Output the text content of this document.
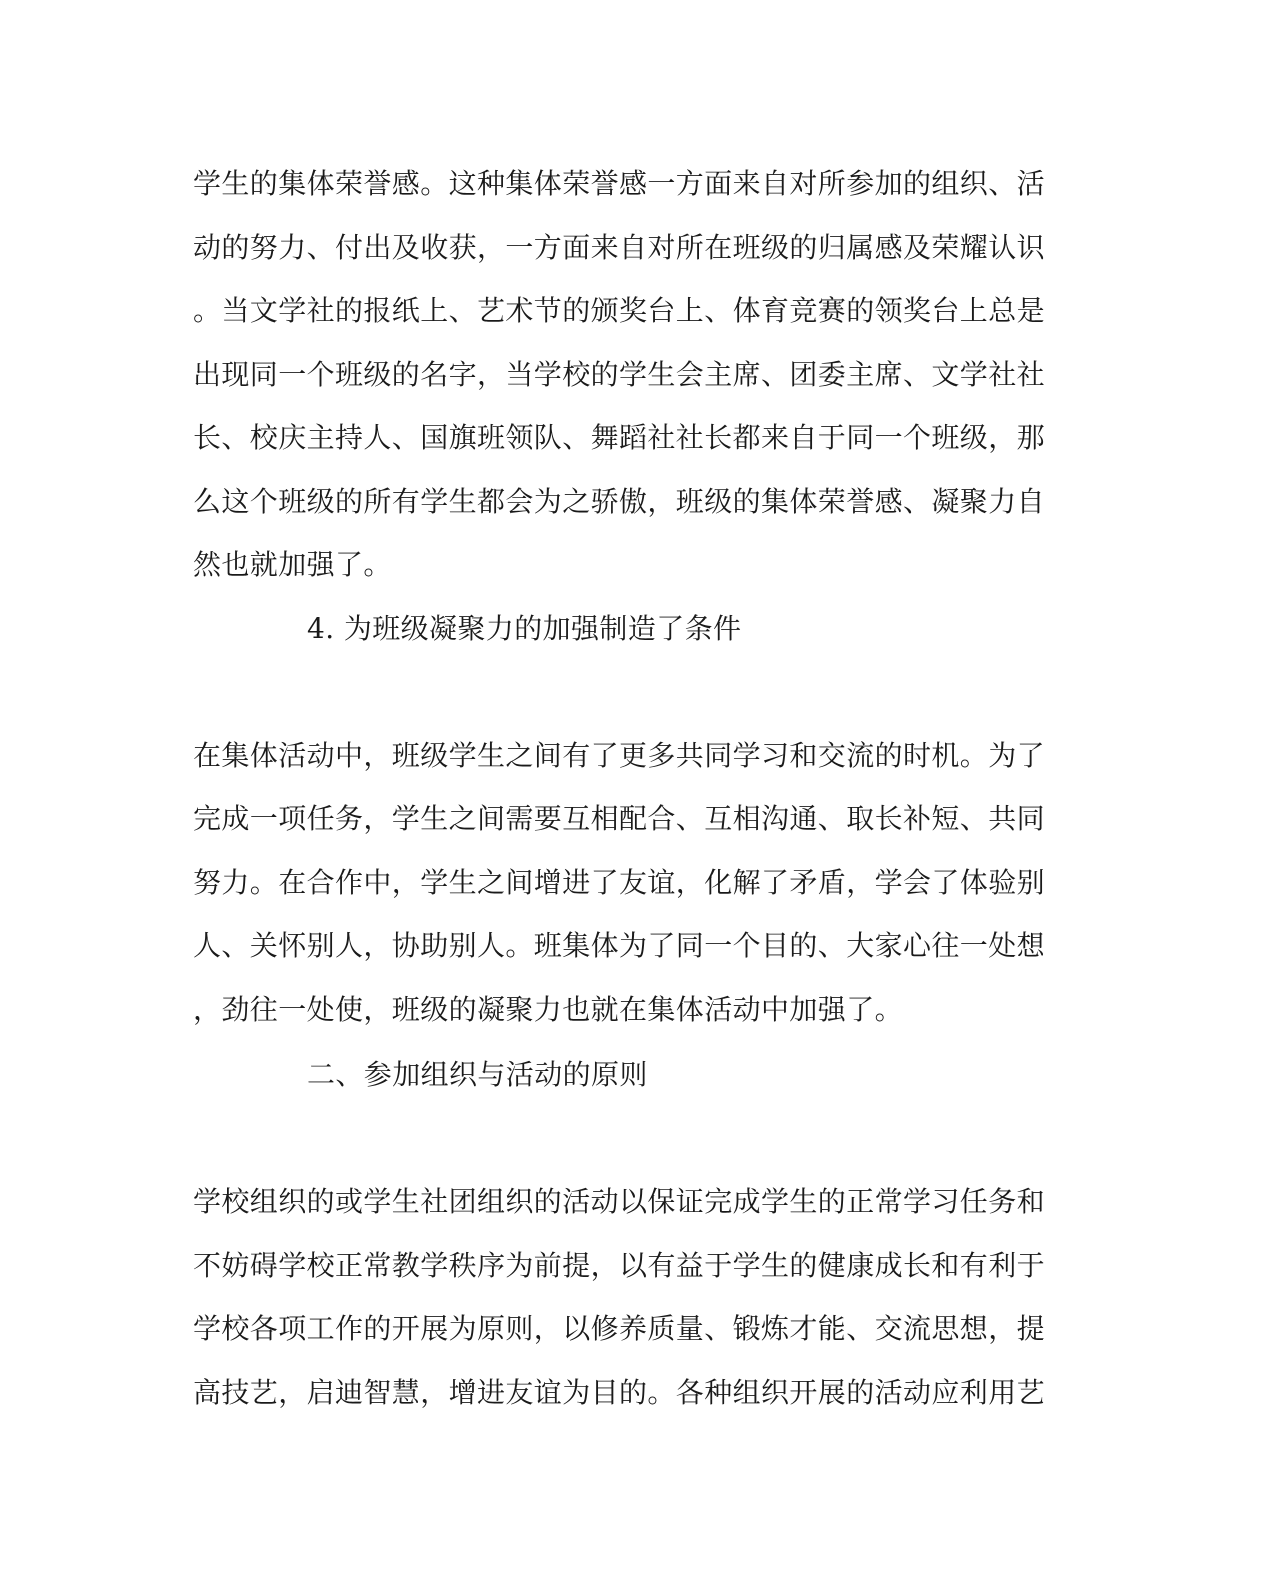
学生的集体荣誉感。这种集体荣誉感一方面来自对所参加的组织、活
动的努力、付出及收获，一方面来自对所在班级的归属感及荣耀认识
。当文学社的报纸上、艺术节的颁奖台上、体育竞赛的领奖台上总是
出现同一个班级的名字，当学校的学生会主席、团委主席、文学社社
长、校庆主持人、国旗班领队、舞蹈社社长都来自于同一个班级，那
么这个班级的所有学生都会为之骄傲，班级的集体荣誉感、凝聚力自
然也就加强了。
4. 为班级凝聚力的加强制造了条件
在集体活动中，班级学生之间有了更多共同学习和交流的时机。为了
完成一项任务，学生之间需要互相配合、互相沟通、取长补短、共同
努力。在合作中，学生之间增进了友谊，化解了矛盾，学会了体验别
人、关怀别人，协助别人。班集体为了同一个目的、大家心往一处想
，劲往一处使，班级的凝聚力也就在集体活动中加强了。
二、参加组织与活动的原则
学校组织的或学生社团组织的活动以保证完成学生的正常学习任务和
不妨碍学校正常教学秩序为前提，以有益于学生的健康成长和有利于
学校各项工作的开展为原则，以修养质量、锻炼才能、交流思想，提
高技艺，启迪智慧，增进友谊为目的。各种组织开展的活动应利用艺
